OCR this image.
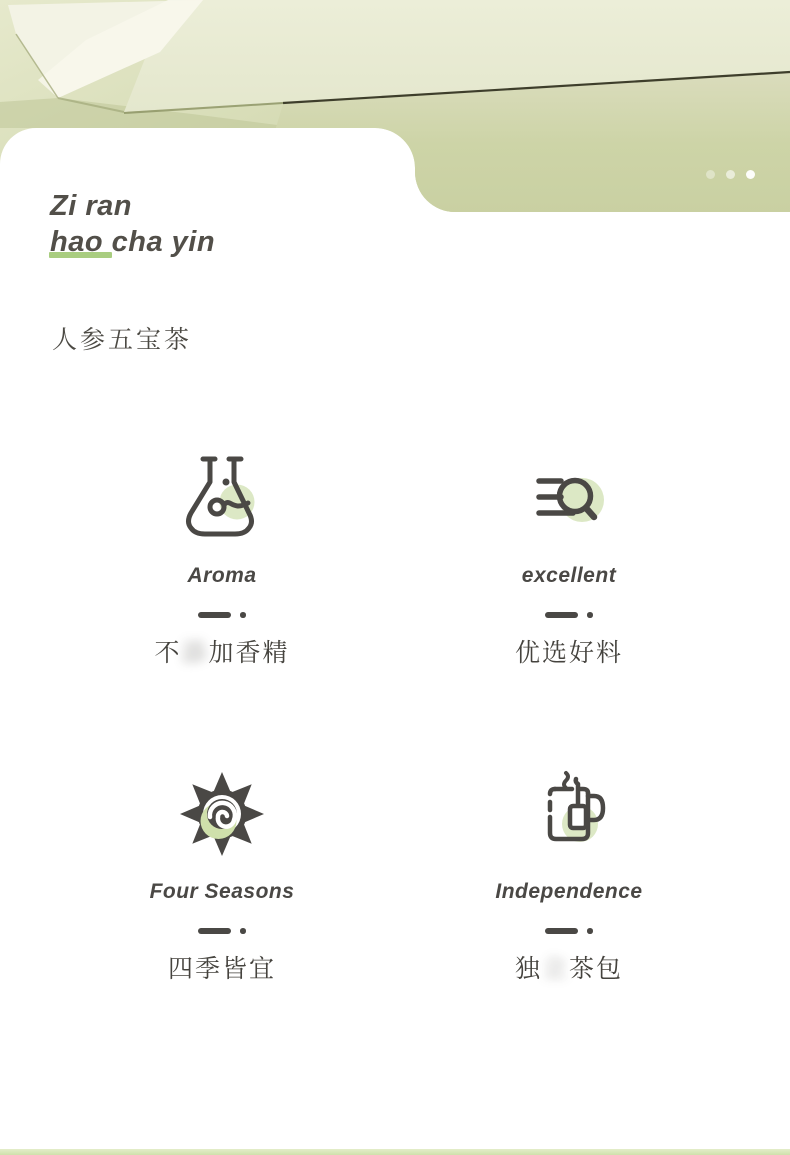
Zi ran
hao cha yin
人参五宝茶
Aroma
不添加香精
excellent
优选好料
Four Seasons
四季皆宜
Independence
独立茶包
